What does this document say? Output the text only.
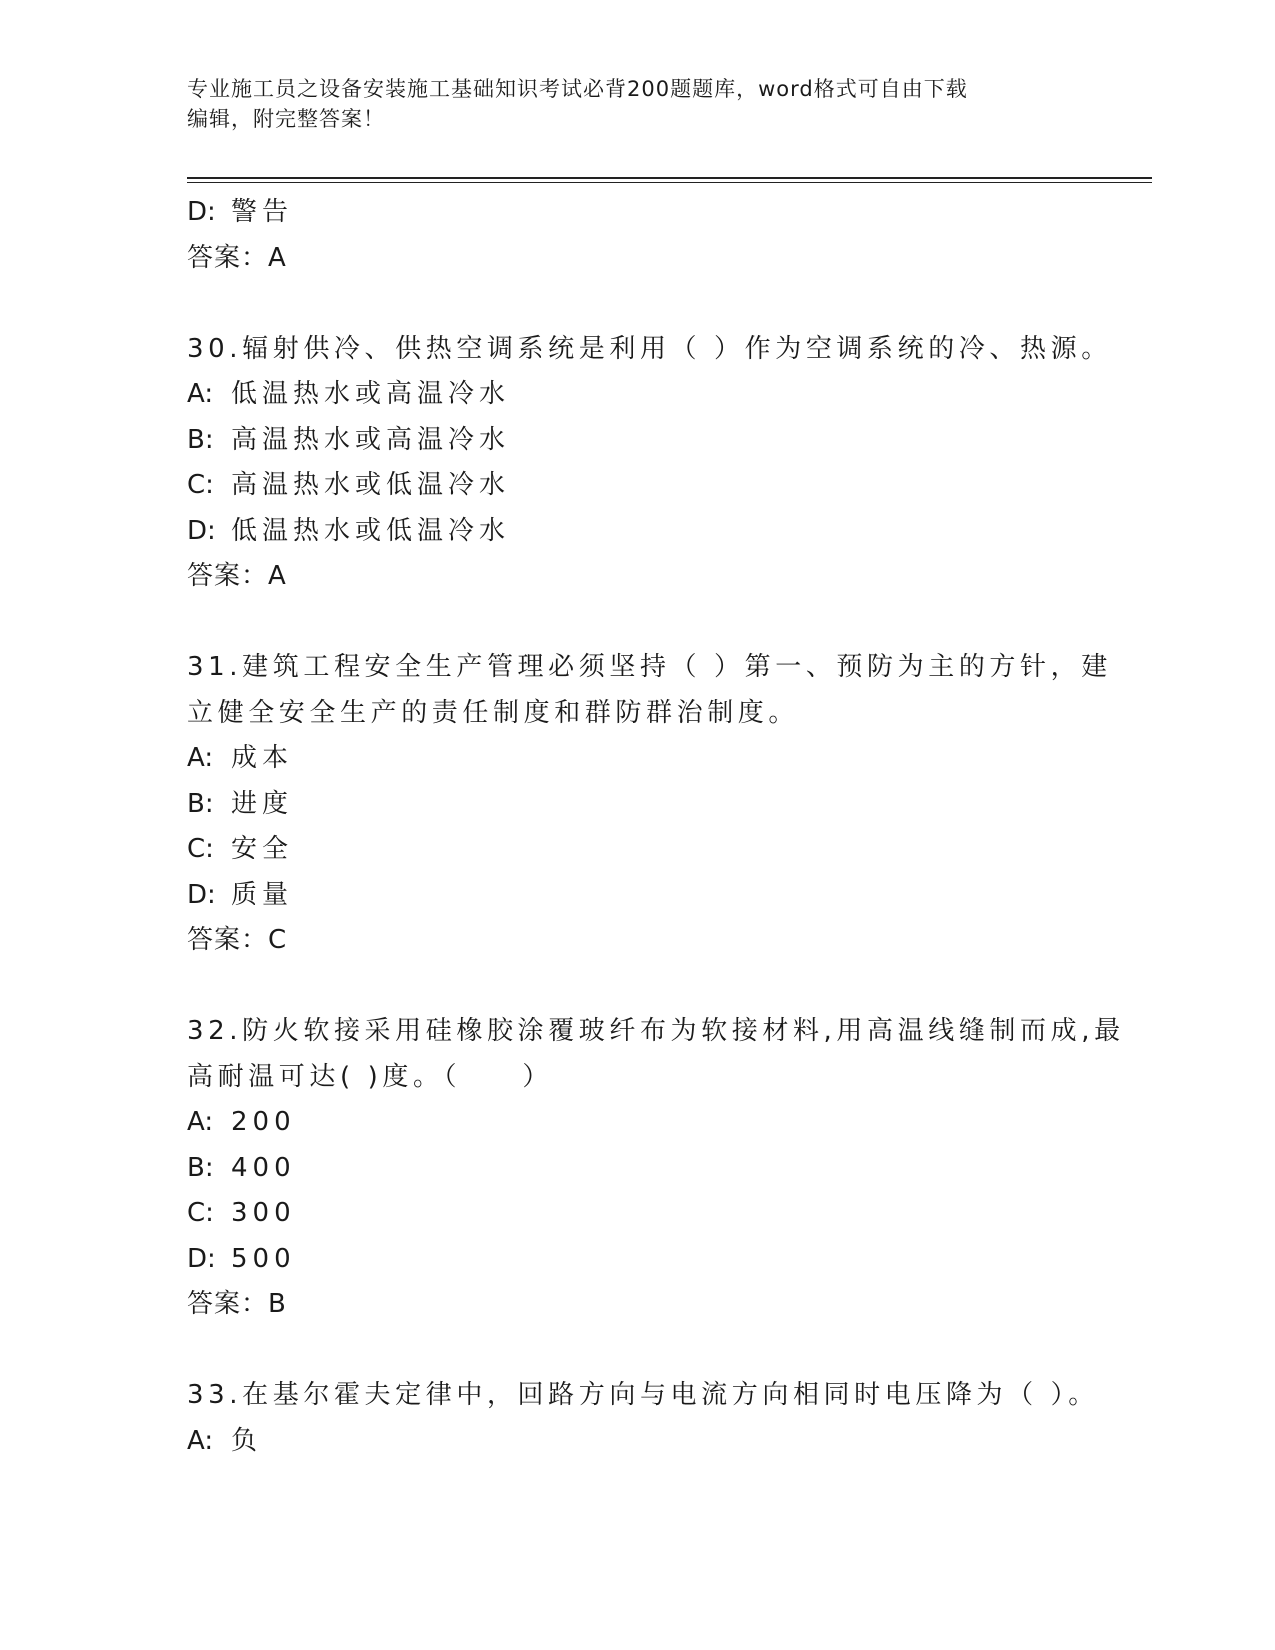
专业施工员之设备安装施工基础知识考试必背200题题库，word格式可自由下载
编辑，附完整答案！
D: 警告
答案：A
30.辐射供冷、供热空调系统是利用（ ）作为空调系统的冷、热源。
A: 低温热水或高温冷水
B: 高温热水或高温冷水
C: 高温热水或低温冷水
D: 低温热水或低温冷水
答案：A
31.建筑工程安全生产管理必须坚持（ ）第一、预防为主的方针，建
立健全安全生产的责任制度和群防群治制度。
A: 成本
B: 进度
C: 安全
D: 质量
答案：C
32.防火软接采用硅橡胶涂覆玻纤布为软接材料,用高温线缝制而成,最
高耐温可达( )度。（　　）
A: 200
B: 400
C: 300
D: 500
答案：B
33.在基尔霍夫定律中，回路方向与电流方向相同时电压降为（ ）。
A: 负
